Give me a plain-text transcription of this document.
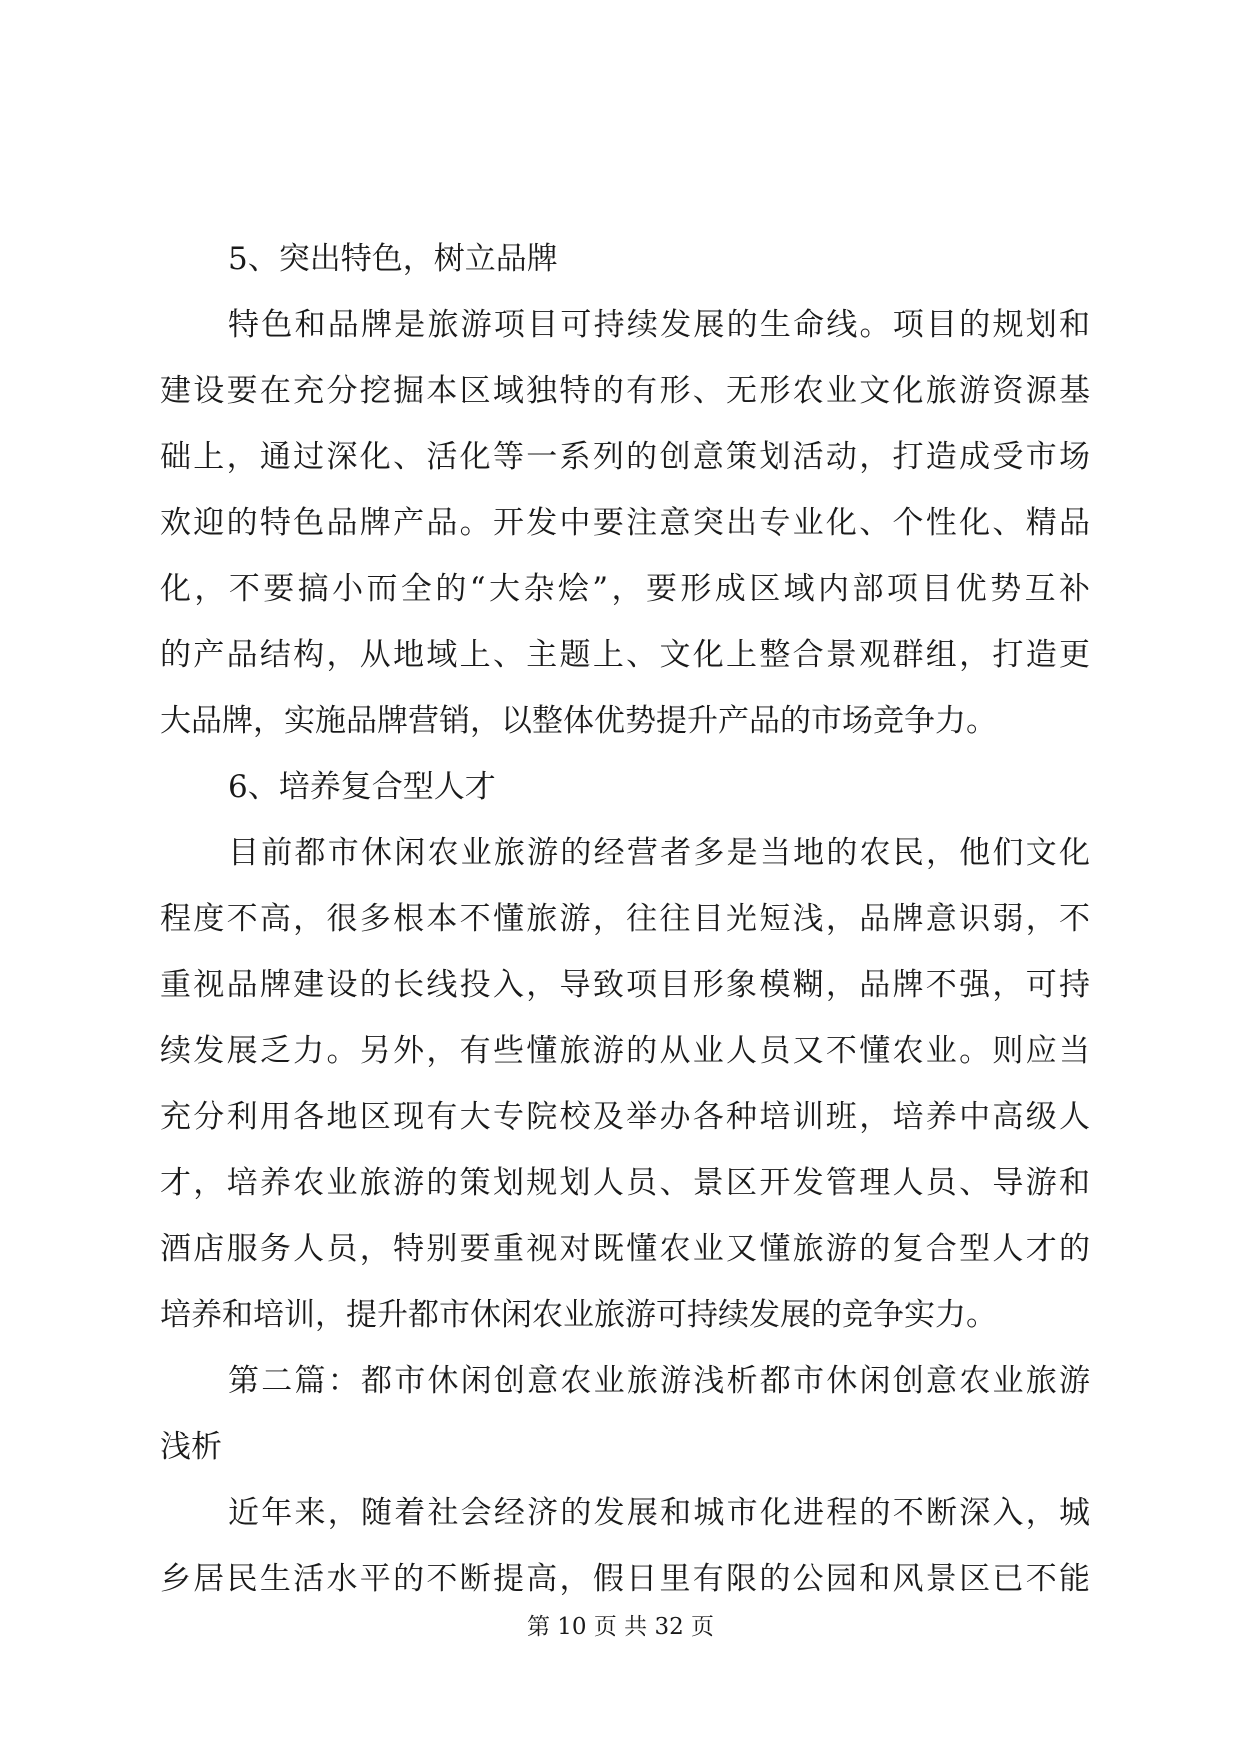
5、突出特色，树立品牌
特色和品牌是旅游项目可持续发展的生命线。项目的规划和
建设要在充分挖掘本区域独特的有形、无形农业文化旅游资源基
础上，通过深化、活化等一系列的创意策划活动，打造成受市场
欢迎的特色品牌产品。开发中要注意突出专业化、个性化、精品
化，不要搞小而全的“大杂烩”，要形成区域内部项目优势互补
的产品结构，从地域上、主题上、文化上整合景观群组，打造更
大品牌，实施品牌营销，以整体优势提升产品的市场竞争力。
6、培养复合型人才
目前都市休闲农业旅游的经营者多是当地的农民，他们文化
程度不高，很多根本不懂旅游，往往目光短浅，品牌意识弱，不
重视品牌建设的长线投入，导致项目形象模糊，品牌不强，可持
续发展乏力。另外，有些懂旅游的从业人员又不懂农业。则应当
充分利用各地区现有大专院校及举办各种培训班，培养中高级人
才，培养农业旅游的策划规划人员、景区开发管理人员、导游和
酒店服务人员，特别要重视对既懂农业又懂旅游的复合型人才的
培养和培训，提升都市休闲农业旅游可持续发展的竞争实力。
第二篇：都市休闲创意农业旅游浅析都市休闲创意农业旅游
浅析
近年来，随着社会经济的发展和城市化进程的不断深入，城
乡居民生活水平的不断提高，假日里有限的公园和风景区已不能
第 10 页 共 32 页
